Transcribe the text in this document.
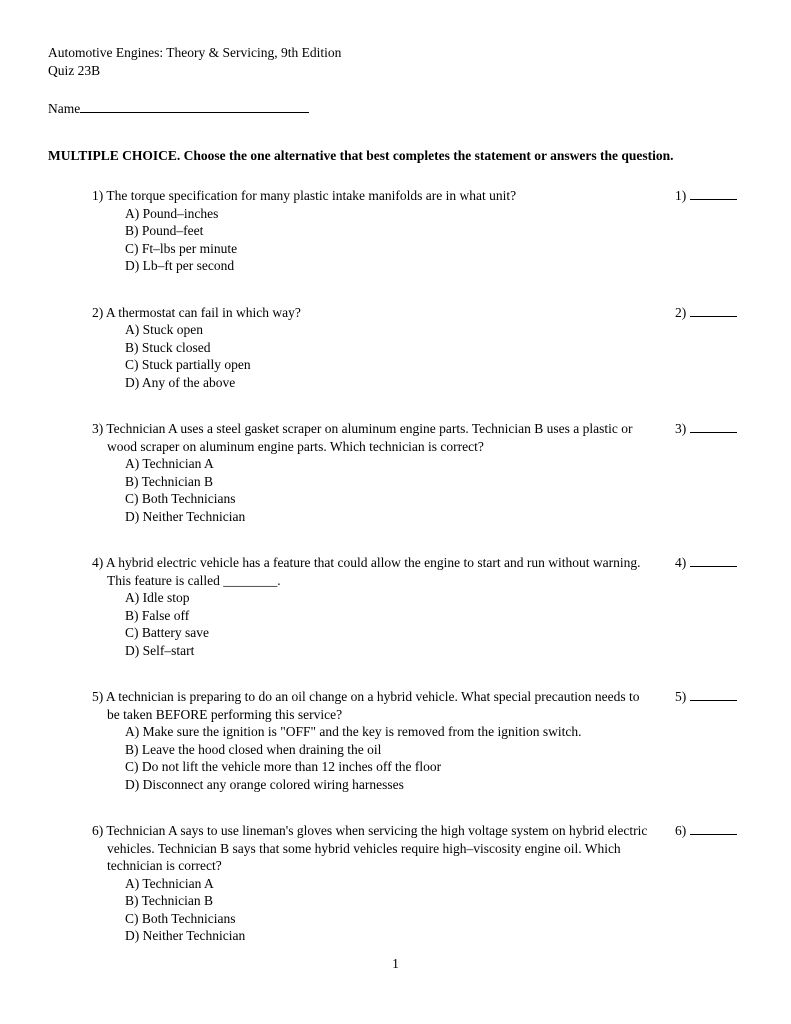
Automotive Engines: Theory & Servicing, 9th Edition
Quiz 23B
Name
MULTIPLE CHOICE. Choose the one alternative that best completes the statement or answers the question.
1) The torque specification for many plastic intake manifolds are in what unit?
A) Pound–inches
B) Pound–feet
C) Ft–lbs per minute
D) Lb–ft per second
1)
2) A thermostat can fail in which way?
A) Stuck open
B) Stuck closed
C) Stuck partially open
D) Any of the above
2)
3) Technician A uses a steel gasket scraper on aluminum engine parts. Technician B uses a plastic or wood scraper on aluminum engine parts. Which technician is correct?
A) Technician A
B) Technician B
C) Both Technicians
D) Neither Technician
3)
4) A hybrid electric vehicle has a feature that could allow the engine to start and run without warning. This feature is called ________.
A) Idle stop
B) False off
C) Battery save
D) Self–start
4)
5) A technician is preparing to do an oil change on a hybrid vehicle. What special precaution needs to be taken BEFORE performing this service?
A) Make sure the ignition is "OFF" and the key is removed from the ignition switch.
B) Leave the hood closed when draining the oil
C) Do not lift the vehicle more than 12 inches off the floor
D) Disconnect any orange colored wiring harnesses
5)
6) Technician A says to use lineman's gloves when servicing the high voltage system on hybrid electric vehicles. Technician B says that some hybrid vehicles require high–viscosity engine oil. Which technician is correct?
A) Technician A
B) Technician B
C) Both Technicians
D) Neither Technician
6)
1
